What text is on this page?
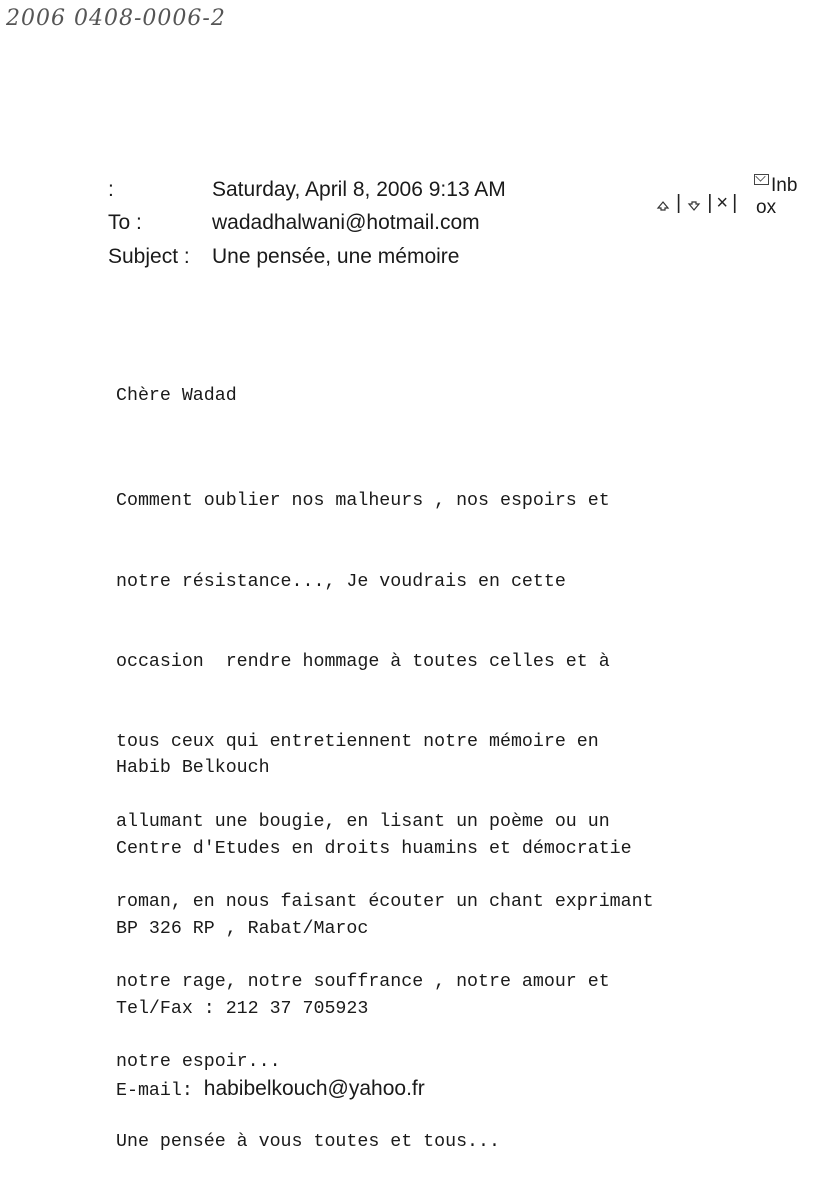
2006 0408-0006-2
:	Saturday, April 8, 2006 9:13 AM
To :	wadadhalwani@hotmail.com
Subject : Une pensée, une mémoire
| | × |
Inb
ox
Chère Wadad

Comment oublier nos malheurs , nos espoirs et

notre résistance..., Je voudrais en cette

occasion  rendre hommage à toutes celles et à

tous ceux qui entretiennent notre mémoire en

allumant une bougie, en lisant un poème ou un

roman, en nous faisant écouter un chant exprimant

notre rage, notre souffrance , notre amour et

notre espoir...

Une pensée à vous toutes et tous...

Habib Belkouch

Centre d'Etudes en droits huamins et démocratie

BP 326 RP , Rabat/Maroc

Tel/Fax : 212 37 705923

E-mail: habibelkouch@yahoo.fr
